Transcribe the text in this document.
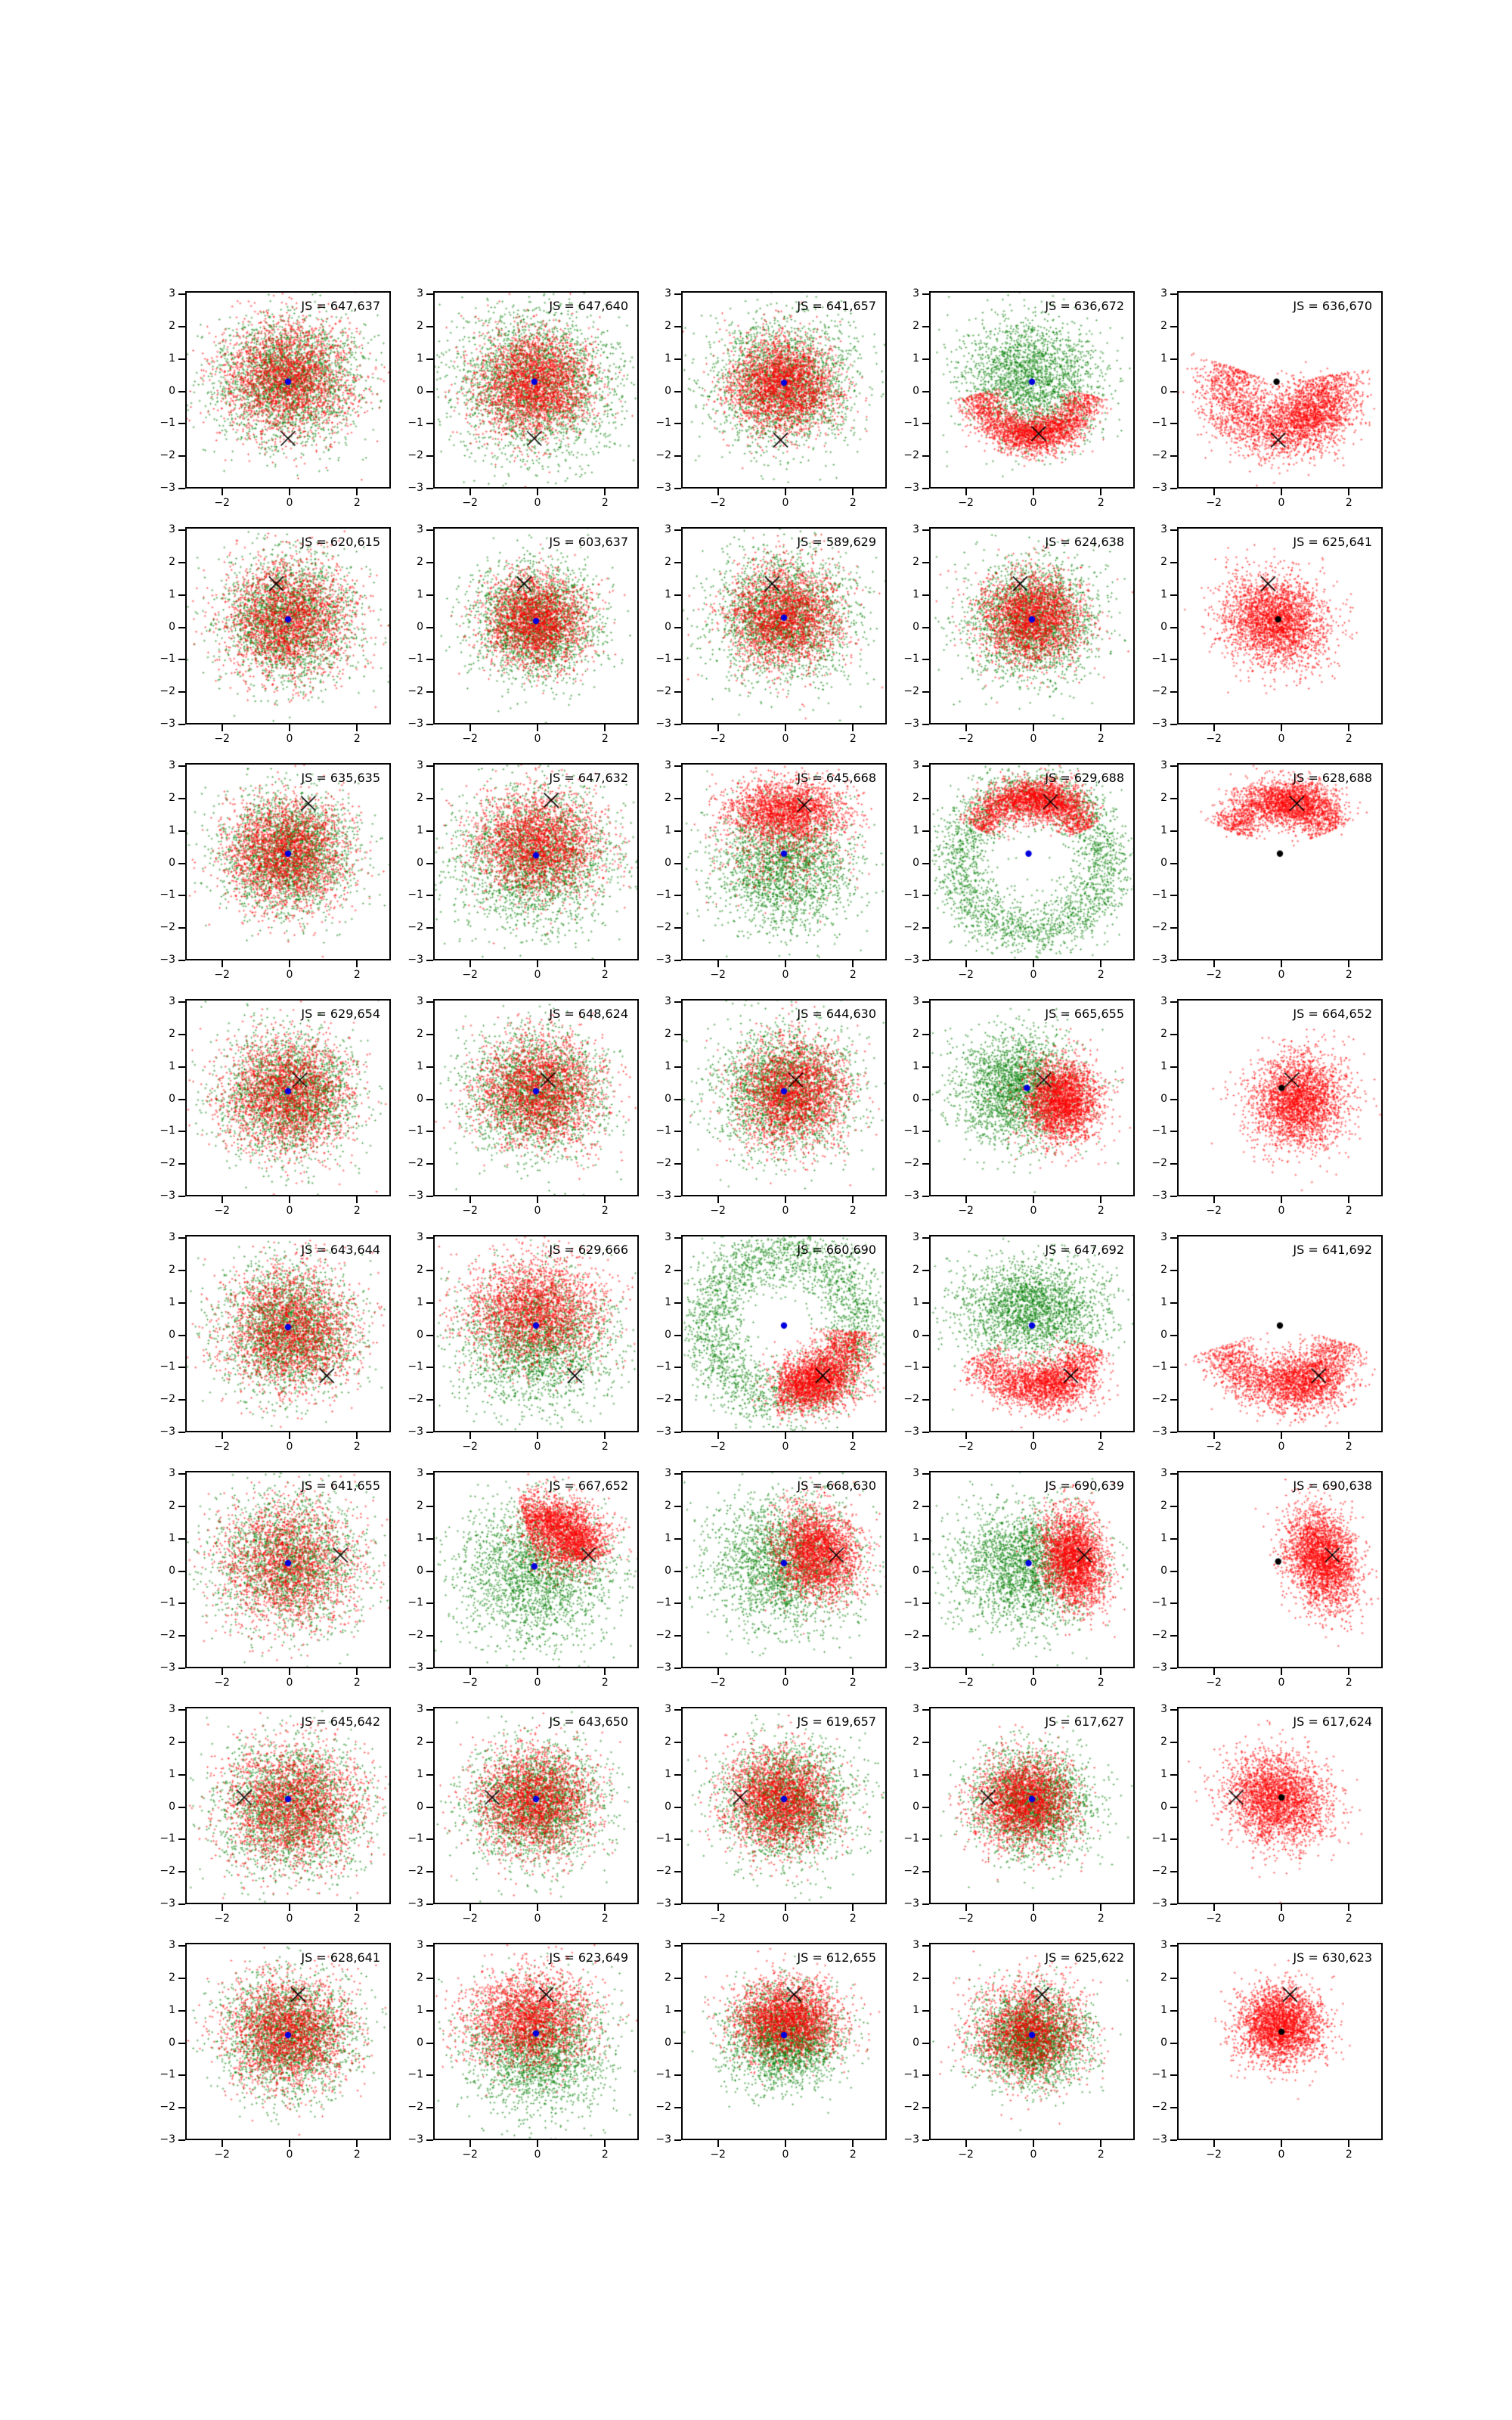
JS = 647,637
3
2
1
0
−1
−2
−3
−2	0	2
JS = 647,640
3
2
1
0
−1
−2
−3
−2	0	2
JS = 641,657
3
2
1
0
−1
−2
−3
−2	0	2
JS = 636,672
3
2
1
0
−1
−2
−3
−2	0	2
JS = 636,670
3
2
1
0
−1
−2
−3
−2	0	2
JS = 620,615
3
2
1
0
−1
−2
−3
−2	0	2
JS = 603,637
3
2
1
0
−1
−2
−3
−2	0	2
JS = 589,629
3
2
1
0
−1
−2
−3
−2	0	2
JS = 624,638
3
2
1
0
−1
−2
−3
−2	0	2
JS = 625,641
3
2
1
0
−1
−2
−3
−2	0	2
JS = 635,635
3
2
1
0
−1
−2
−3
−2	0	2
JS = 647,632
3
2
1
0
−1
−2
−3
−2	0	2
JS = 645,668
3
2
1
0
−1
−2
−3
−2	0	2
JS = 629,688
3
2
1
0
−1
−2
−3
−2	0	2
JS = 628,688
3
2
1
0
−1
−2
−3
−2	0	2
JS = 629,654
3
2
1
0
−1
−2
−3
−2	0	2
JS = 648,624
3
2
1
0
−1
−2
−3
−2	0	2
JS = 644,630
3
2
1
0
−1
−2
−3
−2	0	2
JS = 665,655
3
2
1
0
−1
−2
−3
−2	0	2
JS = 664,652
3
2
1
0
−1
−2
−3
−2	0	2
JS = 643,644
3
2
1
0
−1
−2
−3
−2	0	2
JS = 629,666
3
2
1
0
−1
−2
−3
−2	0	2
JS = 660,690
3
2
1
0
−1
−2
−3
−2	0	2
JS = 647,692
3
2
1
0
−1
−2
−3
−2	0	2
JS = 641,692
3
2
1
0
−1
−2
−3
−2	0	2
JS = 641,655
3
2
1
0
−1
−2
−3
−2	0	2
JS = 667,652
3
2
1
0
−1
−2
−3
−2	0	2
JS = 668,630
3
2
1
0
−1
−2
−3
−2	0	2
JS = 690,639
3
2
1
0
−1
−2
−3
−2	0	2
JS = 690,638
3
2
1
0
−1
−2
−3
−2	0	2
JS = 645,642
3
2
1
0
−1
−2
−3
−2	0	2
JS = 643,650
3
2
1
0
−1
−2
−3
−2	0	2
JS = 619,657
3
2
1
0
−1
−2
−3
−2	0	2
JS = 617,627
3
2
1
0
−1
−2
−3
−2	0	2
JS = 617,624
3
2
1
0
−1
−2
−3
−2	0	2
JS = 628,641
3
2
1
0
−1
−2
−3
−2	0	2
JS = 623,649
3
2
1
0
−1
−2
−3
−2	0	2
JS = 612,655
3
2
1
0
−1
−2
−3
−2	0	2
JS = 625,622
3
2
1
0
−1
−2
−3
−2	0	2
JS = 630,623
3
2
1
0
−1
−2
−3
−2	0	2
